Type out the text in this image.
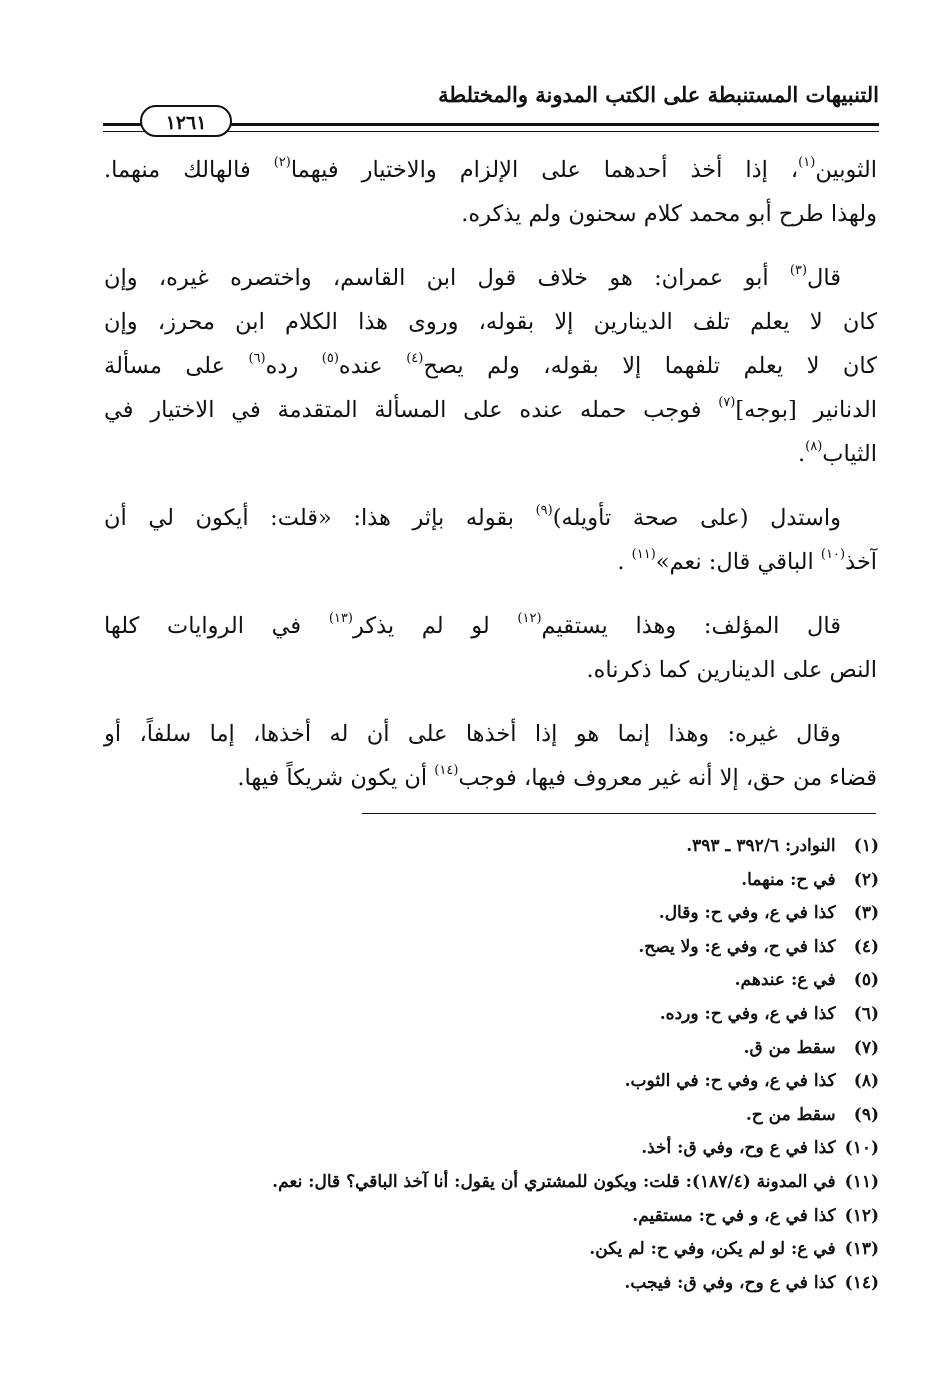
التنبيهات المستنبطة على الكتب المدونة والمختلطة
١٢٦١

الثوبين$^{(١)}$، إذا أخذ أحدهما على الإلزام والاختيار فيهما$^{(٢)}$ فالهالك منهما.
ولهذا طرح أبو محمد كلام سحنون ولم يذكره.

قال$^{(٣)}$ أبو عمران: هو خلاف قول ابن القاسم، واختصره غيره، وإن
كان لا يعلم تلف الدينارين إلا بقوله، وروى هذا الكلام ابن محرز، وإن
كان لا يعلم تلفهما إلا بقوله، ولم يصح$^{(٤)}$ عنده$^{(٥)}$ رده$^{(٦)}$ على مسألة
الدنانير [بوجه]$^{(٧)}$ فوجب حمله عنده على المسألة المتقدمة في الاختيار في
الثياب$^{(٨)}$.

واستدل (على صحة تأويله)$^{(٩)}$ بقوله بإثر هذا: «قلت: أيكون لي أن
آخذ$^{(١٠)}$ الباقي قال: نعم»$^{(١١)}$ .

قال المؤلف: وهذا يستقيم$^{(١٢)}$ لو لم يذكر$^{(١٣)}$ في الروايات كلها
النص على الدينارين كما ذكرناه.

وقال غيره: وهذا إنما هو إذا أخذها على أن له أخذها، إما سلفاً، أو
قضاء من حق، إلا أنه غير معروف فيها، فوجب$^{(١٤)}$ أن يكون شريكاً فيها.

(١) النوادر: ٣٩٢/٦ ـ ٣٩٣.
(٢) في ح: منهما.
(٣) كذا في ع، وفي ح: وقال.
(٤) كذا في ح، وفي ع: ولا يصح.
(٥) في ع: عندهم.
(٦) كذا في ع، وفي ح: ورده.
(٧) سقط من ق.
(٨) كذا في ع، وفي ح: في الثوب.
(٩) سقط من ح.
(١٠) كذا في ع وح، وفي ق: أخذ.
(١١) في المدونة (١٨٧/٤): قلت: ويكون للمشتري أن يقول: أنا آخذ الباقي؟ قال: نعم.
(١٢) كذا في ع، و في ح: مستقيم.
(١٣) في ع: لو لم يكن، وفي ح: لم يكن.
(١٤) كذا في ع وح، وفي ق: فيجب.
